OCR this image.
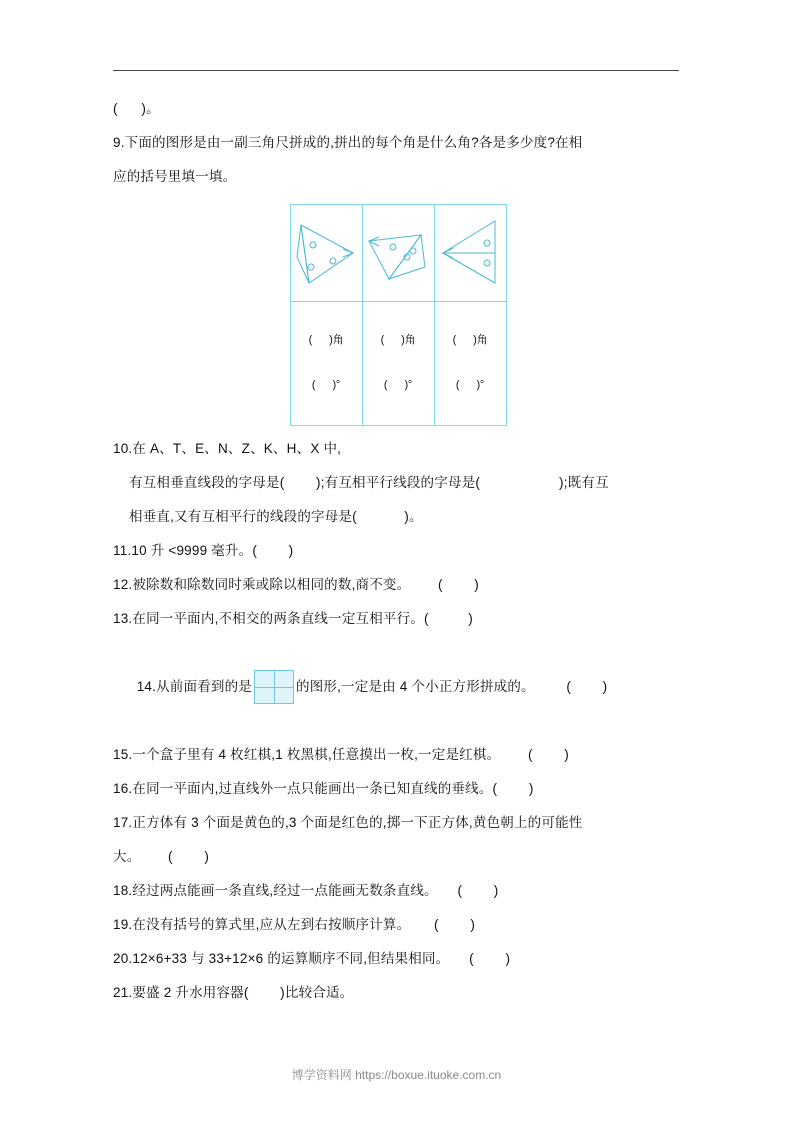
(      )。
9.下面的图形是由一副三角尺拼成的,拼出的每个角是什么角?各是多少度?在相
应的括号里填一填。

(      )角

(      )°

(      )角

(      )°

(      )角

(      )°

10.在 A、T、E、N、Z、K、H、X 中,
有互相垂直线段的字母是(        );有互相平行线段的字母是(                    );既有互
相垂直,又有互相平行的线段的字母是(            )。
11.10 升 <9999 毫升。(        )
12.被除数和除数同时乘或除以相同的数,商不变。       (        )
13.在同一平面内,不相交的两条直线一定互相平行。(          )

14.从前面看到的是	的图形,一定是由 4 个小正方形拼成的。        (        )

15.一个盒子里有 4 枚红棋,1 枚黑棋,任意摸出一枚,一定是红棋。       (        )
16.在同一平面内,过直线外一点只能画出一条已知直线的垂线。(        )
17.正方体有 3 个面是黄色的,3 个面是红色的,掷一下正方体,黄色朝上的可能性
大。       (        )
18.经过两点能画一条直线,经过一点能画无数条直线。     (        )
19.在没有括号的算式里,应从左到右按顺序计算。      (        )
20.12×6+33 与 33+12×6 的运算顺序不同,但结果相同。     (        )
21.要盛 2 升水用容器(        )比较合适。
博学资料网 https://boxue.ituoke.com.cn
